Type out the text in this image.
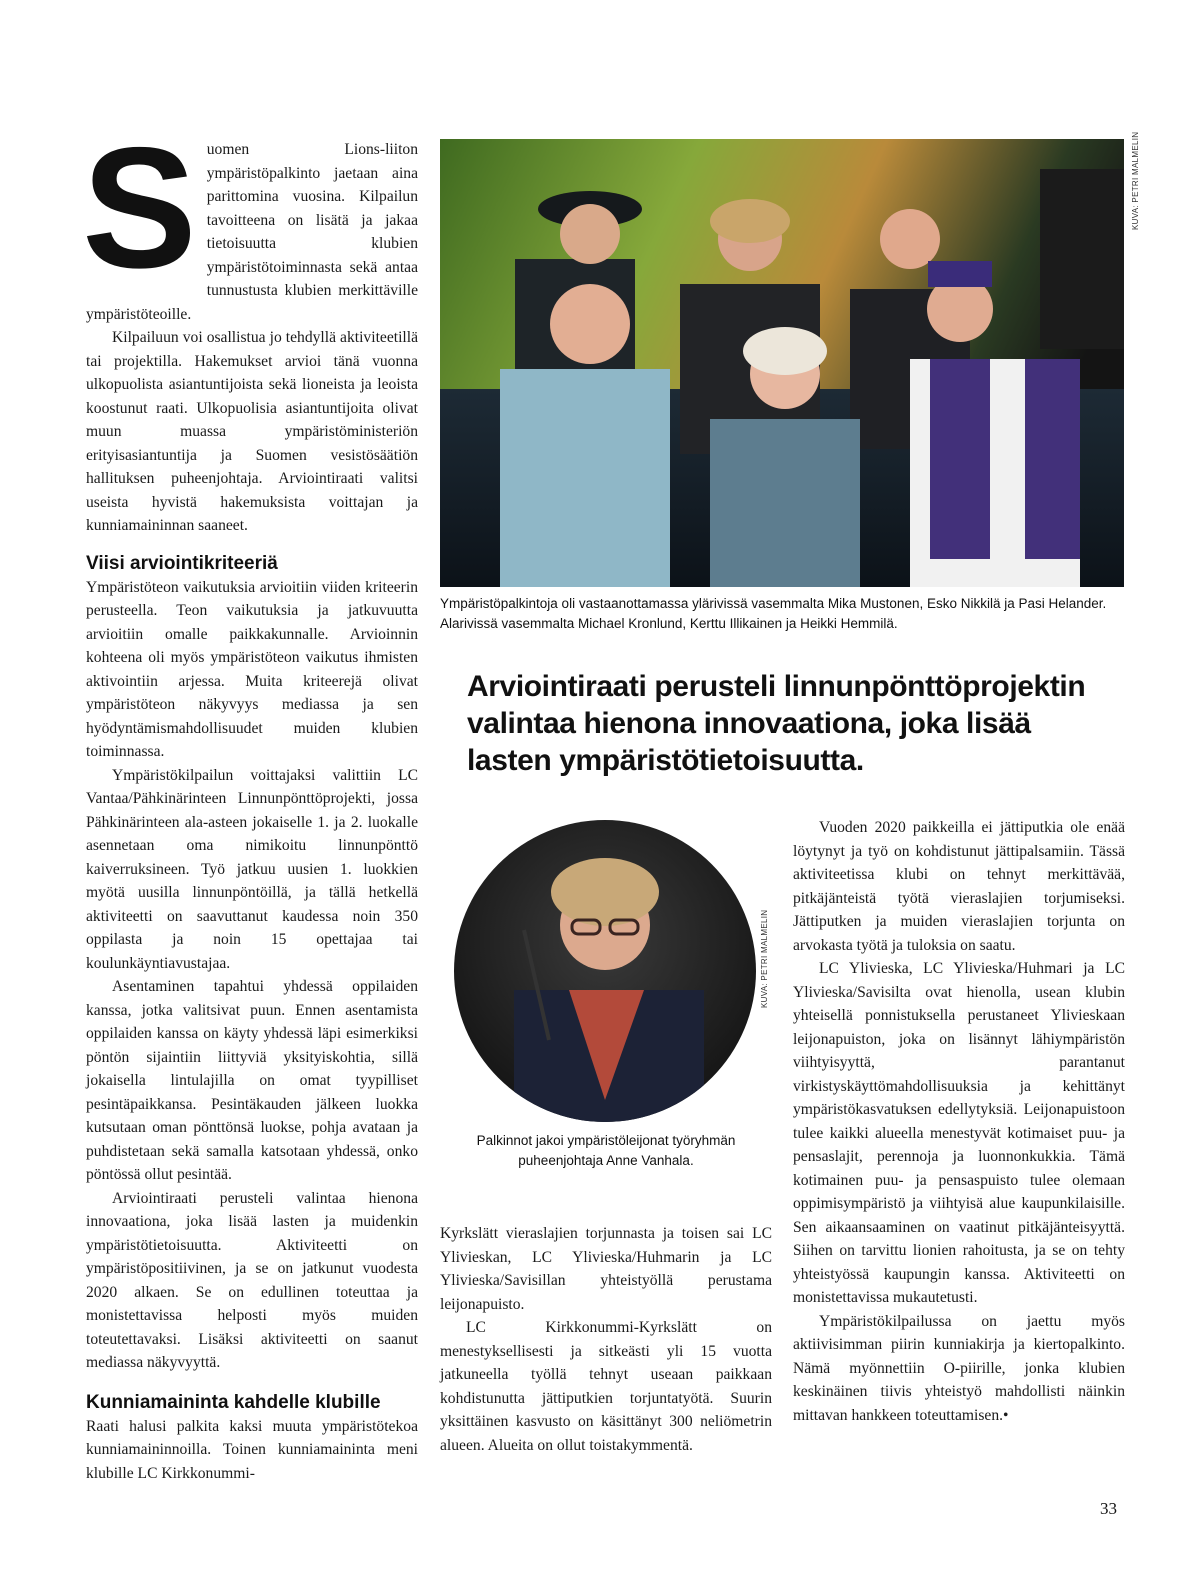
S uomen Lions-liiton ympäristöpalkinto jaetaan aina parittomina vuosina. Kilpailun tavoitteena on lisätä ja jakaa tietoisuutta klubien ympäristötoiminnasta sekä antaa tunnustusta klubien merkittäville ympäristöteoille.

Kilpailuun voi osallistua jo tehdyllä aktiviteetillä tai projektilla. Hakemukset arvioi tänä vuonna ulkopuolista asiantuntijoista sekä lioneista ja leoista koostunut raati. Ulkopuolisia asiantuntijoita olivat muun muassa ympäristöministeriön erityisasiantuntija ja Suomen vesistösäätiön hallituksen puheenjohtaja. Arviointiraati valitsi useista hyvistä hakemuksista voittajan ja kunniamaininnan saaneet.

Viisi arviointikriteeriä

Ympäristöteon vaikutuksia arvioitiin viiden kriteerin perusteella. Teon vaikutuksia ja jatkuvuutta arvioitiin omalle paikkakunnalle. Arvioinnin kohteena oli myös ympäristöteon vaikutus ihmisten aktivointiin arjessa. Muita kriteerejä olivat ympäristöteon näkyvyys mediassa ja sen hyödyntämismahdollisuudet muiden klubien toiminnassa.

Ympäristökilpailun voittajaksi valittiin LC Vantaa/Pähkinärinteen Linnunpönttöprojekti, jossa Pähkinärinteen ala-asteen jokaiselle 1. ja 2. luokalle asennetaan oma nimikoitu linnunpönttö kaiverruksineen. Työ jatkuu uusien 1. luokkien myötä uusilla linnunpöntöillä, ja tällä hetkellä aktiviteetti on saavuttanut kaudessa noin 350 oppilasta ja noin 15 opettajaa tai koulunkäyntiavustajaa.

Asentaminen tapahtui yhdessä oppilaiden kanssa, jotka valitsivat puun. Ennen asentamista oppilaiden kanssa on käyty yhdessä läpi esimerkiksi pöntön sijaintiin liittyviä yksityiskohtia, sillä jokaisella lintulajilla on omat tyypilliset pesintäpaikkansa. Pesintäkauden jälkeen luokka kutsutaan oman pönttönsä luokse, pohja avataan ja puhdistetaan sekä samalla katsotaan yhdessä, onko pöntössä ollut pesintää.

Arviointiraati perusteli valintaa hienona innovaationa, joka lisää lasten ja muidenkin ympäristötietoisuutta. Aktiviteetti on ympäristöpositiivinen, ja se on jatkunut vuodesta 2020 alkaen. Se on edullinen toteuttaa ja monistettavissa helposti myös muiden toteutettavaksi. Lisäksi aktiviteetti on saanut mediassa näkyvyyttä.

Kunniamaininta kahdelle klubille

Raati halusi palkita kaksi muuta ympäristötekoa kunniamaininnoilla. Toinen kunniamaininta meni klubille LC Kirkkonummi-

KUVA: PETRI MALMELIN
Ympäristöpalkintoja oli vastaanottamassa ylärivissä vasemmalta Mika Mustonen, Esko Nikkilä ja Pasi Helander. Alarivissä vasemmalta Michael Kronlund, Kerttu Illikainen ja Heikki Hemmilä.
Arviointiraati perusteli linnunpönttöprojektin valintaa hienona innovaationa, joka lisää lasten ympäristötietoisuutta.
KUVA: PETRI MALMELIN
Palkinnot jakoi ympäristöleijonat työryhmän puheenjohtaja Anne Vanhala.

Kyrkslätt vieraslajien torjunnasta ja toisen sai LC Ylivieskan, LC Ylivieska/Huhmarin ja LC Ylivieska/Savisillan yhteistyöllä perustama leijonapuisto.

LC Kirkkonummi-Kyrkslätt on menestyksellisesti ja sitkeästi yli 15 vuotta jatkuneella työllä tehnyt useaan paikkaan kohdistunutta jättiputkien torjuntatyötä. Suurin yksittäinen kasvusto on käsittänyt 300 neliömetrin alueen. Alueita on ollut toistakymmentä.

Vuoden 2020 paikkeilla ei jättiputkia ole enää löytynyt ja työ on kohdistunut jättipalsamiin. Tässä aktiviteetissa klubi on tehnyt merkittävää, pitkäjänteistä työtä vieraslajien torjumiseksi. Jättiputken ja muiden vieraslajien torjunta on arvokasta työtä ja tuloksia on saatu.

LC Ylivieska, LC Ylivieska/Huhmari ja LC Ylivieska/Savisilta ovat hienolla, usean klubin yhteisellä ponnistuksella perustaneet Ylivieskaan leijonapuiston, joka on lisännyt lähiympäristön viihtyisyyttä, parantanut virkistyskäyttömahdollisuuksia ja kehittänyt ympäristökasvatuksen edellytyksiä. Leijonapuistoon tulee kaikki alueella menestyvät kotimaiset puu- ja pensaslajit, perennoja ja luonnonkukkia. Tämä kotimainen puu- ja pensaspuisto tulee olemaan oppimisympäristö ja viihtyisä alue kaupunkilaisille. Sen aikaansaaminen on vaatinut pitkäjänteisyyttä. Siihen on tarvittu lionien rahoitusta, ja se on tehty yhteistyössä kaupungin kanssa. Aktiviteetti on monistettavissa mukautetusti.

Ympäristökilpailussa on jaettu myös aktiivisimman piirin kunniakirja ja kiertopalkinto. Nämä myönnettiin O-piirille, jonka klubien keskinäinen tiivis yhteistyö mahdollisti näinkin mittavan hankkeen toteuttamisen.•

33
